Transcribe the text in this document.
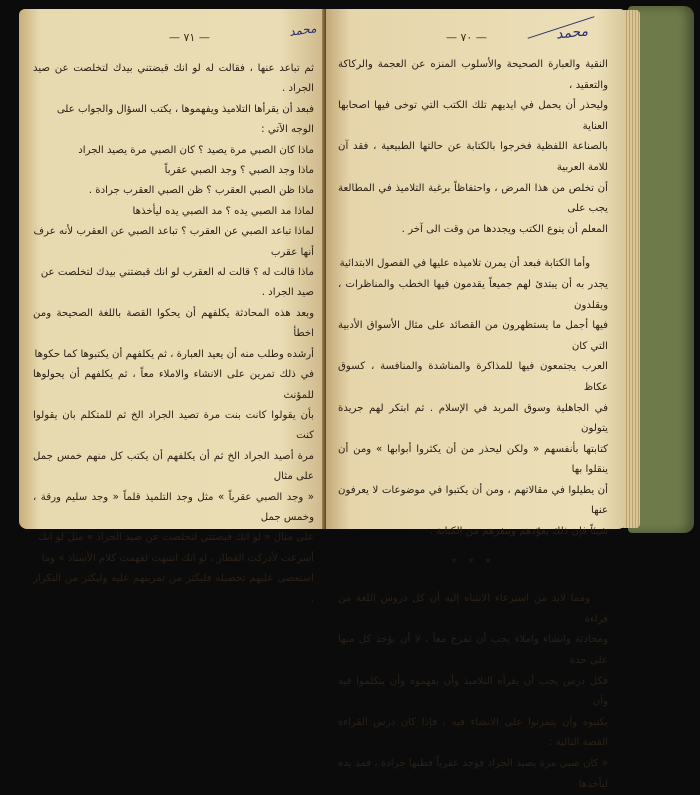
— ٧١ —	محمد

ثم تباعد عنها ، فقالت له لو انك قبضتني بيدك لتخلصت عن صيد الجراد .

فبعد أن يقرأها التلاميذ ويفهموها ، يكتب السؤال والجواب على

الوجه الآتي :

ماذا كان الصبي مرة يصيد ؟ كان الصبي مرة يصيد الجراد

ماذا وجد الصبي ؟ وجد الصبي عقرباً

ماذا ظن الصبي العقرب ؟ ظن الصبي العقرب جرادة .

لماذا مد الصبي يده ؟ مد الصبي يده ليأخذها

لماذا تباعد الصبي عن العقرب ؟ تباعد الصبي عن العقرب لأنه عرف

أنها عقرب

ماذا قالت له ؟ قالت له العقرب لو انك قبضتني بيدك لتخلصت عن

صيد الجراد .

وبعد هذه المحادثة يكلفهم أن يحكوا القصة باللغة الصحيحة ومن اخطأ

أرشده وطلب منه أن يعيد العبارة ، ثم يكلفهم أن يكتبوها كما حكوها

في ذلك تمرين على الانشاء والاملاء معاً ، ثم يكلفهم أن يحولوها للمؤنث

بأن يقولوا كانت بنت مرة تصيد الجراد الخ ثم للمتكلم بان يقولوا كنت

مرة أصيد الجراد الخ ثم أن يكلفهم أن يكتب كل منهم خمس جمل على مثال

« وجد الصبي عقرباً » مثل وجد التلميذ قلماً « وجد سليم ورقة ، وخمس جمل

على مثال « لو انك قبضتني لتخلصت عن صيد الجراد » مثل لو انك

أسرعت لأدركت القطار ، لو انك انتبهت لفهمت كلام الأستاذ » وما

استعصى عليهم تحصيله فليكثر من تمرينهم عليه وليكثر من التكرار .

— ٧٠ —	محمد

النقية والعبارة الصحيحة والأسلوب المنزه عن العجمة والركاكة والتعقيد ،

وليحذر أن يحمل في ايديهم تلك الكتب التي توخى فيها اصحابها العناية

بالصناعة اللفظية فخرجوا بالكتابة عن حالتها الطبيعية ، فقد آن للامة العربية

أن تخلص من هذا المرض ، واحتفاظاً برغبة التلاميذ في المطالعة يجب على

المعلم أن ينوع الكتب ويجددها من وقت الى آخر .

وأما الكتابة فبعد أن يمرن تلاميذه عليها في الفصول الابتدائية

يجدر به أن يبتدئ لهم جميعاً يقدمون فيها الخطب والمناظرات ، ويقلدون

فيها أجمل ما يستظهرون من القصائد على مثال الأسواق الأدبية التي كان

العرب يجتمعون فيها للمذاكرة والمناشدة والمنافسة ، كسوق عكاظ

في الجاهلية وسوق المربد في الإسلام . ثم ابتكر لهم جريدة يتولون

كتابتها بأنفسهم « ولكن ليحذر من أن يكثروا أبوابها » ومن أن ينقلوا بها

أن يطيلوا في مقالاتهم ، ومن أن يكتبوا في موضوعات لا يعرفون عنها

شيئاً فإن ذلك يعوّدهم وينفرهم من الكتابة .

* * *

ومما لابد من استرعاء الانتباه إليه أن كل دروس اللغة من قراءة

ومحادثة وانشاء واملاء يجب أن تمزج معاً ، لا أن يؤخذ كل منها على حدة

فكل درس يجب أن يقرأه التلاميذ وأن يفهموه وأن يتكلموا فيه وأن

يكتبوه وأن يتمرنوا على الانشاء فيه ، فإذا كان درس القراءة القصة التالية :

« كان صبي مرة يصيد الجراد فوجد عقرباً فظنها جرادة ، فمد يده ليأخذها
